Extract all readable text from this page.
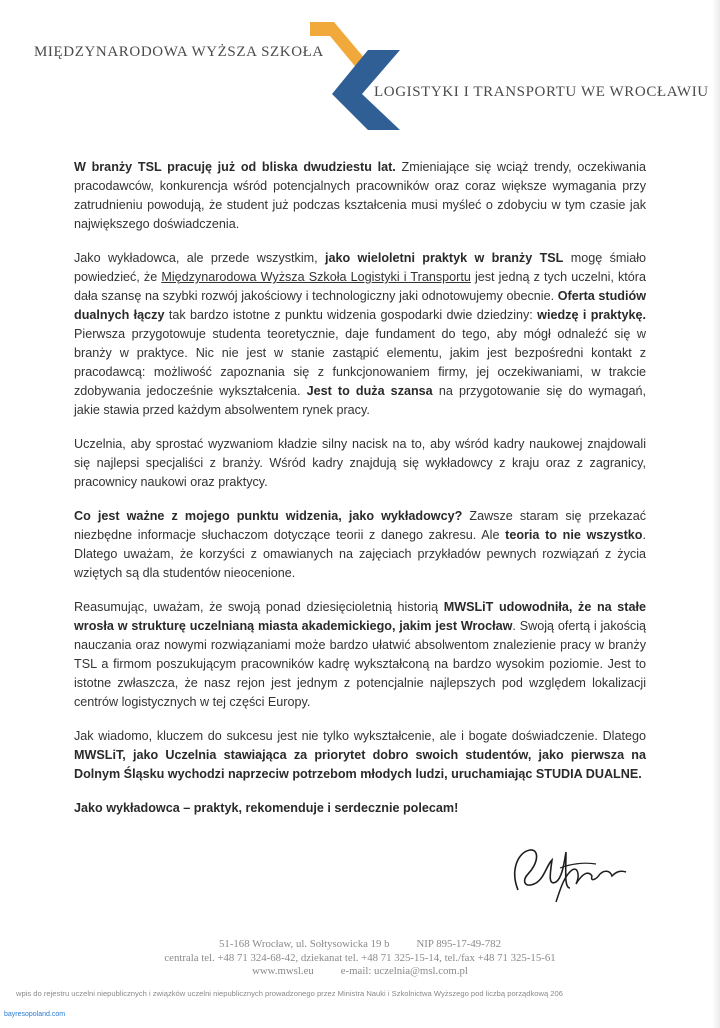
MIĘDZYNARODOWA WYŻSZA SZKOŁA
LOGISTYKI I TRANSPORTU WE WROCŁAWIU

W branży TSL pracuję już od bliska dwudziestu lat. Zmieniające się wciąż trendy, oczekiwania pracodawców, konkurencja wśród potencjalnych pracowników oraz coraz większe wymagania przy zatrudnieniu powodują, że student już podczas kształcenia musi myśleć o zdobyciu w tym czasie jak największego doświadczenia.

Jako wykładowca, ale przede wszystkim, jako wieloletni praktyk w branży TSL mogę śmiało powiedzieć, że Międzynarodowa Wyższa Szkoła Logistyki i Transportu jest jedną z tych uczelni, która dała szansę na szybki rozwój jakościowy i technologiczny jaki odnotowujemy obecnie. Oferta studiów dualnych łączy tak bardzo istotne z punktu widzenia gospodarki dwie dziedziny: wiedzę i praktykę. Pierwsza przygotowuje studenta teoretycznie, daje fundament do tego, aby mógł odnaleźć się w branży w praktyce. Nic nie jest w stanie zastąpić elementu, jakim jest bezpośredni kontakt z pracodawcą: możliwość zapoznania się z funkcjonowaniem firmy, jej oczekiwaniami, w trakcie zdobywania jedocześnie wykształcenia. Jest to duża szansa na przygotowanie się do wymagań, jakie stawia przed każdym absolwentem rynek pracy.

Uczelnia, aby sprostać wyzwaniom kładzie silny nacisk na to, aby wśród kadry naukowej znajdowali się najlepsi specjaliści z branży. Wśród kadry znajdują się wykładowcy z kraju oraz z zagranicy, pracownicy naukowi oraz praktycy.

Co jest ważne z mojego punktu widzenia, jako wykładowcy? Zawsze staram się przekazać niezbędne informacje słuchaczom dotyczące teorii z danego zakresu. Ale teoria to nie wszystko. Dlatego uważam, że korzyści z omawianych na zajęciach przykładów pewnych rozwiązań z życia wziętych są dla studentów nieocenione.

Reasumując, uważam, że swoją ponad dziesięcioletnią historią MWSLiT udowodniła, że na stałe wrosła w strukturę uczelnianą miasta akademickiego, jakim jest Wrocław. Swoją ofertą i jakością nauczania oraz nowymi rozwiązaniami może bardzo ułatwić absolwentom znalezienie pracy w branży TSL a firmom poszukującym pracowników kadrę wykształconą na bardzo wysokim poziomie. Jest to istotne zwłaszcza, że nasz rejon jest jednym z potencjalnie najlepszych pod względem lokalizacji centrów logistycznych w tej części Europy.

Jak wiadomo, kluczem do sukcesu jest nie tylko wykształcenie, ale i bogate doświadczenie. Dlatego MWSLiT, jako Uczelnia stawiająca za priorytet dobro swoich studentów, jako pierwsza na Dolnym Śląsku wychodzi naprzeciw potrzebom młodych ludzi, uruchamiając STUDIA DUALNE.

Jako wykładowca – praktyk, rekomenduje i serdecznie polecam!

51-168 Wrocław, ul. Sołtysowicka 19 b          NIP 895-17-49-782
centrala tel. +48 71 324-68-42, dziekanat tel. +48 71 325-15-14, tel./fax +48 71 325-15-61
www.mwsl.eu          e-mail: uczelnia@msl.com.pl
wpis do rejestru uczelni niepublicznych i związków uczelni niepublicznych prowadzonego przez Ministra Nauki i Szkolnictwa Wyższego pod liczbą porządkową 206
bayresopoland.com
